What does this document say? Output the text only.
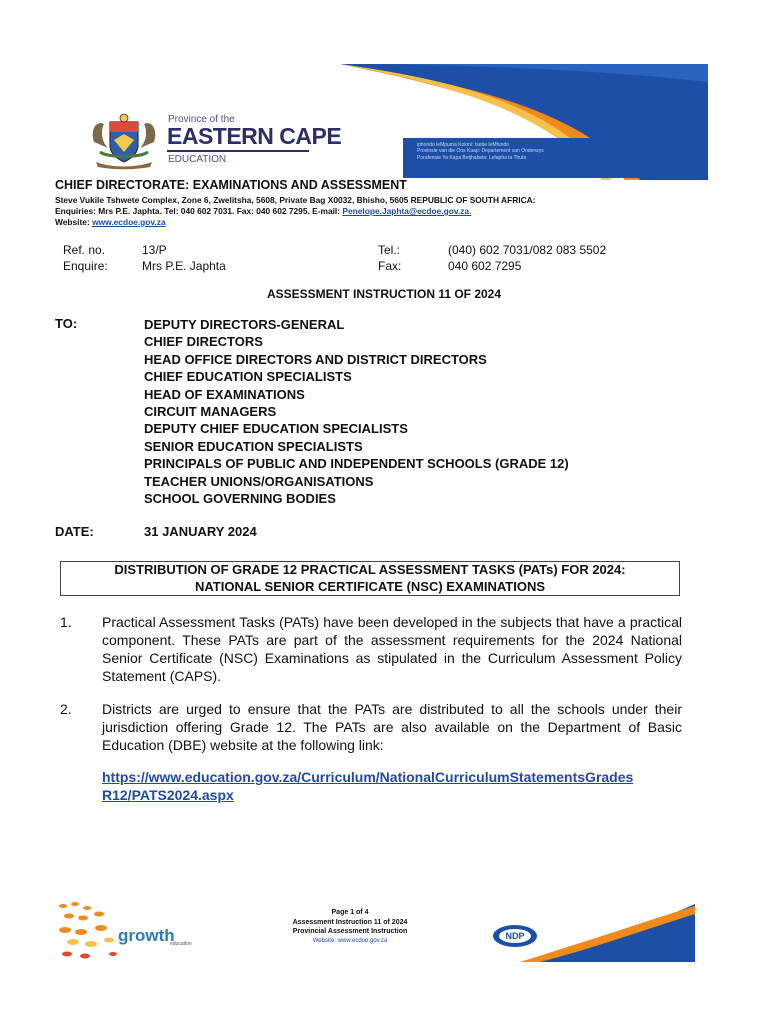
iphondo leMpuma Koloni: Isebe leMfundo
Provinsie van die Oos Kaap: Departement van Onderwys
Porafensie Ya Kapa Botjhabela: Lefapha la Thuto
Province of the
EASTERN CAPE
EDUCATION
CHIEF DIRECTORATE: EXAMINATIONS AND ASSESSMENT
Steve Vukile Tshwete Complex, Zone 6, Zwelitsha, 5608, Private Bag X0032, Bhisho, 5605 REPUBLIC OF SOUTH AFRICA:
Enquiries: Mrs P.E. Japhta. Tel: 040 602 7031. Fax: 040 602 7295. E-mail: Penelope.Japhta@ecdoe.gov.za.
Website: www.ecdoe.gov.za
Ref. no.	13/P	Tel.:	(040) 602 7031/082 083 5502
Enquire:	Mrs P.E. Japhta	Fax:	040 602 7295
ASSESSMENT INSTRUCTION 11 OF 2024
TO:	DEPUTY DIRECTORS-GENERAL
CHIEF DIRECTORS
HEAD OFFICE DIRECTORS AND DISTRICT DIRECTORS
CHIEF EDUCATION SPECIALISTS
HEAD OF EXAMINATIONS
CIRCUIT MANAGERS
DEPUTY CHIEF EDUCATION SPECIALISTS
SENIOR EDUCATION SPECIALISTS
PRINCIPALS OF PUBLIC AND INDEPENDENT SCHOOLS (GRADE 12)
TEACHER UNIONS/ORGANISATIONS
SCHOOL GOVERNING BODIES
DATE:	31 JANUARY 2024
DISTRIBUTION OF GRADE 12 PRACTICAL ASSESSMENT TASKS (PATs) FOR 2024:
NATIONAL SENIOR CERTIFICATE (NSC) EXAMINATIONS
1. Practical Assessment Tasks (PATs) have been developed in the subjects that have a practical component. These PATs are part of the assessment requirements for the 2024 National Senior Certificate (NSC) Examinations as stipulated in the Curriculum Assessment Policy Statement (CAPS).
2. Districts are urged to ensure that the PATs are distributed to all the schools under their jurisdiction offering Grade 12. The PATs are also available on the Department of Basic Education (DBE) website at the following link:
https://www.education.gov.za/Curriculum/NationalCurriculumStatementsGrades
R12/PATS2024.aspx
growth
education
Page 1 of 4
Assessment Instruction 11 of 2024
Provincial Assessment Instruction
Website: www.ecdoe.gov.za	NDP
